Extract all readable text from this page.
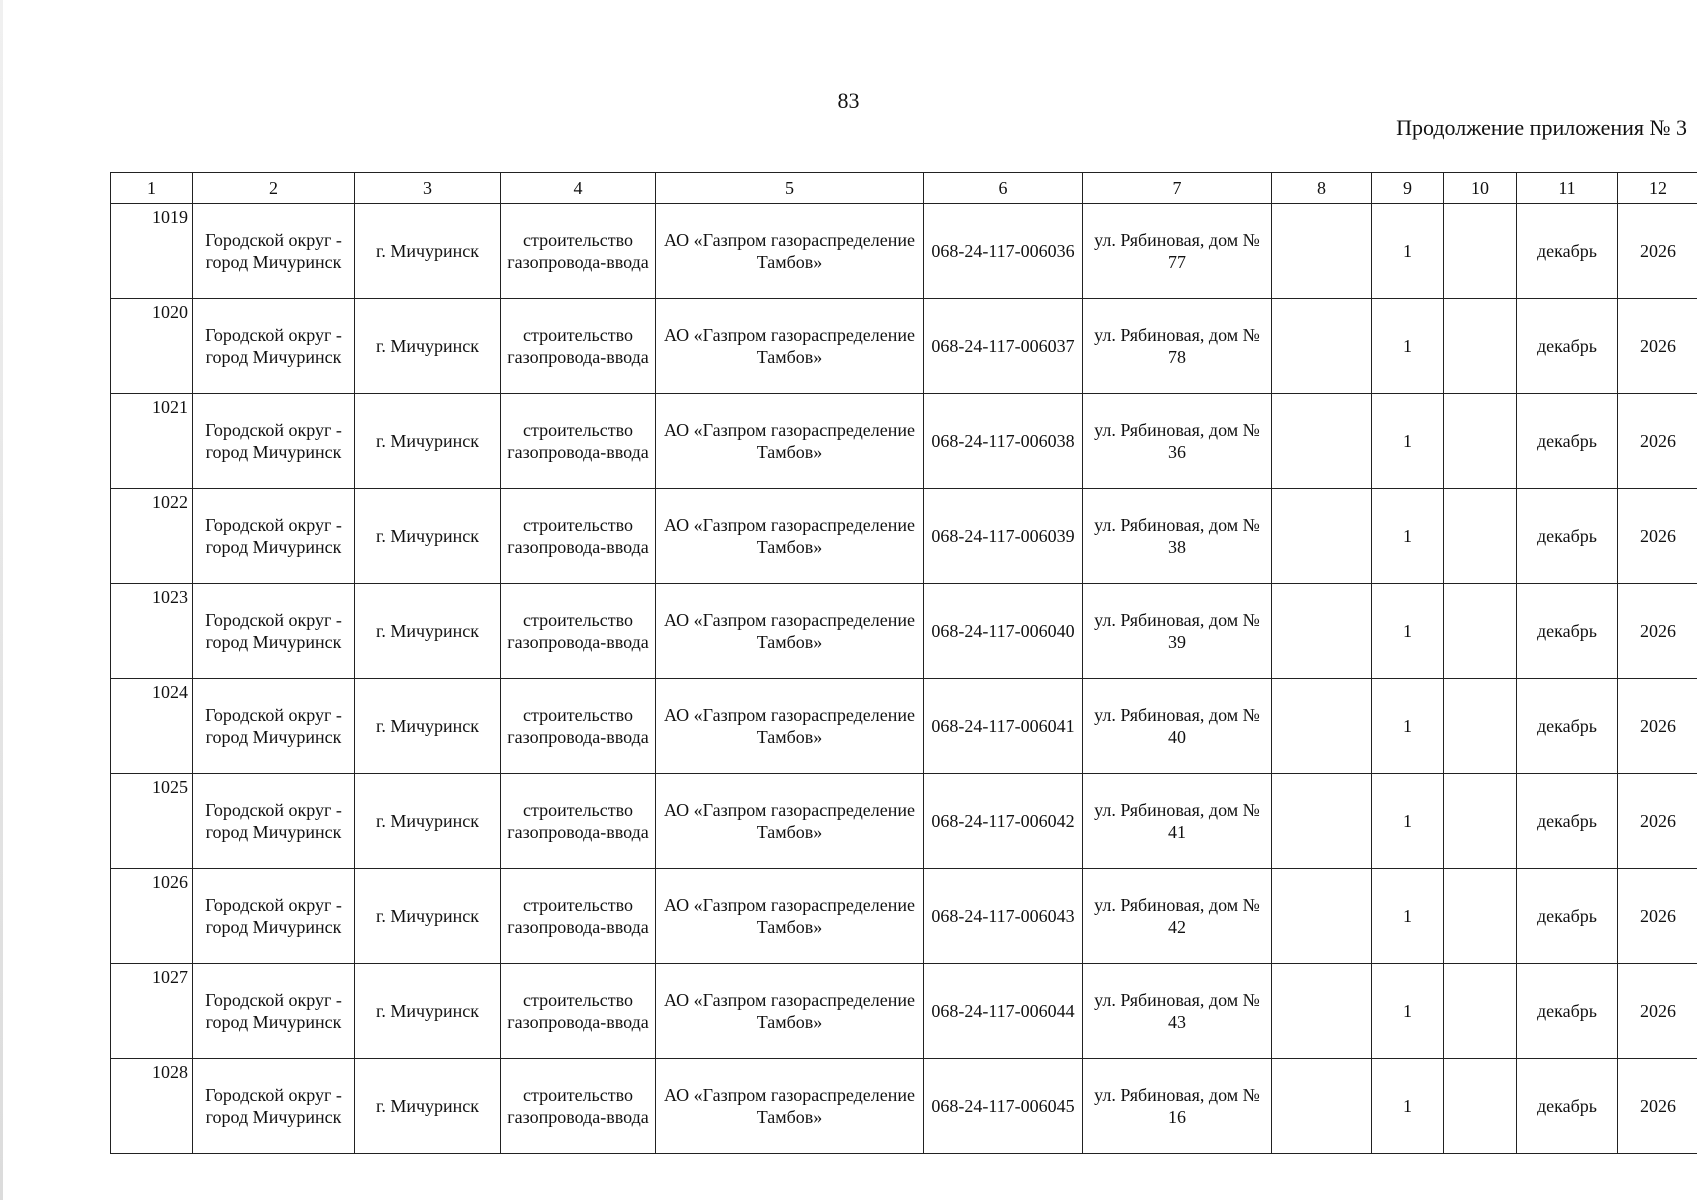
83
Продолжение приложения № 3
1	2	3	4	5	6	7	8	9	10	11	12
1019	Городской округ - город Мичуринск	г. Мичуринск	строительство газопровода-ввода	АО «Газпром газораспределение Тамбов»	068-24-117-006036	ул. Рябиновая, дом № 77		1		декабрь	2026
1020	Городской округ - город Мичуринск	г. Мичуринск	строительство газопровода-ввода	АО «Газпром газораспределение Тамбов»	068-24-117-006037	ул. Рябиновая, дом № 78		1		декабрь	2026
1021	Городской округ - город Мичуринск	г. Мичуринск	строительство газопровода-ввода	АО «Газпром газораспределение Тамбов»	068-24-117-006038	ул. Рябиновая, дом № 36		1		декабрь	2026
1022	Городской округ - город Мичуринск	г. Мичуринск	строительство газопровода-ввода	АО «Газпром газораспределение Тамбов»	068-24-117-006039	ул. Рябиновая, дом № 38		1		декабрь	2026
1023	Городской округ - город Мичуринск	г. Мичуринск	строительство газопровода-ввода	АО «Газпром газораспределение Тамбов»	068-24-117-006040	ул. Рябиновая, дом № 39		1		декабрь	2026
1024	Городской округ - город Мичуринск	г. Мичуринск	строительство газопровода-ввода	АО «Газпром газораспределение Тамбов»	068-24-117-006041	ул. Рябиновая, дом № 40		1		декабрь	2026
1025	Городской округ - город Мичуринск	г. Мичуринск	строительство газопровода-ввода	АО «Газпром газораспределение Тамбов»	068-24-117-006042	ул. Рябиновая, дом № 41		1		декабрь	2026
1026	Городской округ - город Мичуринск	г. Мичуринск	строительство газопровода-ввода	АО «Газпром газораспределение Тамбов»	068-24-117-006043	ул. Рябиновая, дом № 42		1		декабрь	2026
1027	Городской округ - город Мичуринск	г. Мичуринск	строительство газопровода-ввода	АО «Газпром газораспределение Тамбов»	068-24-117-006044	ул. Рябиновая, дом № 43		1		декабрь	2026
1028	Городской округ - город Мичуринск	г. Мичуринск	строительство газопровода-ввода	АО «Газпром газораспределение Тамбов»	068-24-117-006045	ул. Рябиновая, дом № 16		1		декабрь	2026
